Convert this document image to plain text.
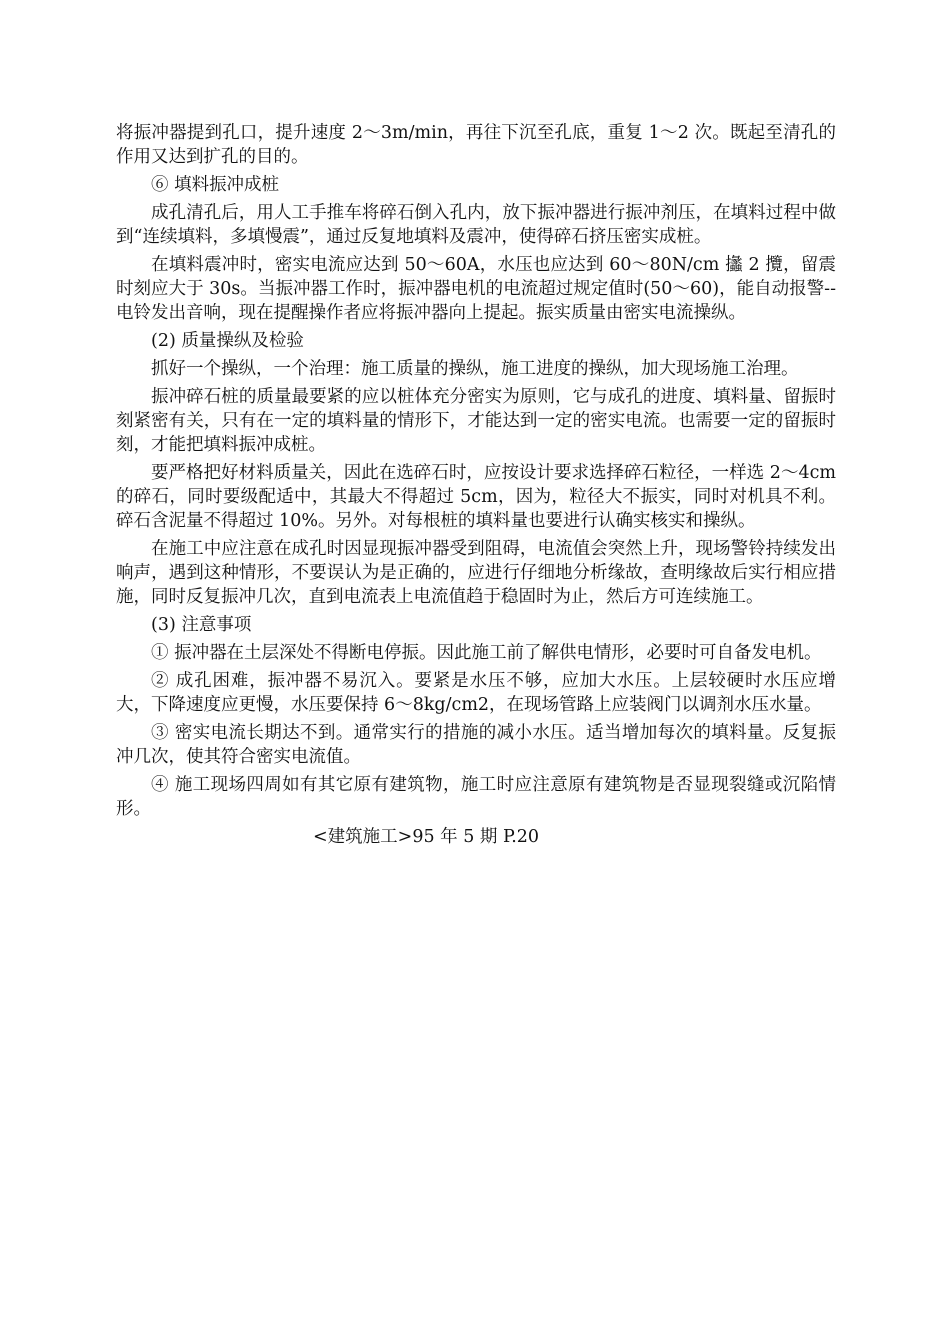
将振冲器提到孔口，提升速度 2～3m/min，再往下沉至孔底，重复 1～2 次。既起至清孔的作用又达到扩孔的目的。

⑥ 填料振冲成桩

成孔清孔后，用人工手推车将碎石倒入孔内，放下振冲器进行振冲剂压，在填料过程中做到“连续填料，多填慢震”，通过反复地填料及震冲，使得碎石挤压密实成桩。

在填料震冲时，密实电流应达到 50～60A，水压也应达到 60～80N/cm 攭 2 攬，留震时刻应大于 30s。当振冲器工作时，振冲器电机的电流超过规定值时(50～60)，能自动报警--电铃发出音响，现在提醒操作者应将振冲器向上提起。振实质量由密实电流操纵。

(2) 质量操纵及检验

抓好一个操纵，一个治理：施工质量的操纵，施工进度的操纵，加大现场施工治理。

振冲碎石桩的质量最要紧的应以桩体充分密实为原则，它与成孔的进度、填料量、留振时刻紧密有关，只有在一定的填料量的情形下，才能达到一定的密实电流。也需要一定的留振时刻，才能把填料振冲成桩。

要严格把好材料质量关，因此在选碎石时，应按设计要求选择碎石粒径，一样选 2～4cm 的碎石，同时要级配适中，其最大不得超过 5cm，因为，粒径大不振实，同时对机具不利。碎石含泥量不得超过 10%。另外。对每根桩的填料量也要进行认确实核实和操纵。

在施工中应注意在成孔时因显现振冲器受到阻碍，电流值会突然上升，现场警铃持续发出响声，遇到这种情形，不要误认为是正确的，应进行仔细地分析缘故，查明缘故后实行相应措施，同时反复振冲几次，直到电流表上电流值趋于稳固时为止，然后方可连续施工。

(3) 注意事项

① 振冲器在土层深处不得断电停振。因此施工前了解供电情形，必要时可自备发电机。

② 成孔困难，振冲器不易沉入。要紧是水压不够，应加大水压。上层较硬时水压应增大，下降速度应更慢，水压要保持 6～8kg/cm2，在现场管路上应装阀门以调剂水压水量。

③ 密实电流长期达不到。通常实行的措施的减小水压。适当增加每次的填料量。反复振冲几次，使其符合密实电流值。

④ 施工现场四周如有其它原有建筑物，施工时应注意原有建筑物是否显现裂缝或沉陷情形。

<建筑施工>95 年 5 期 P.20
